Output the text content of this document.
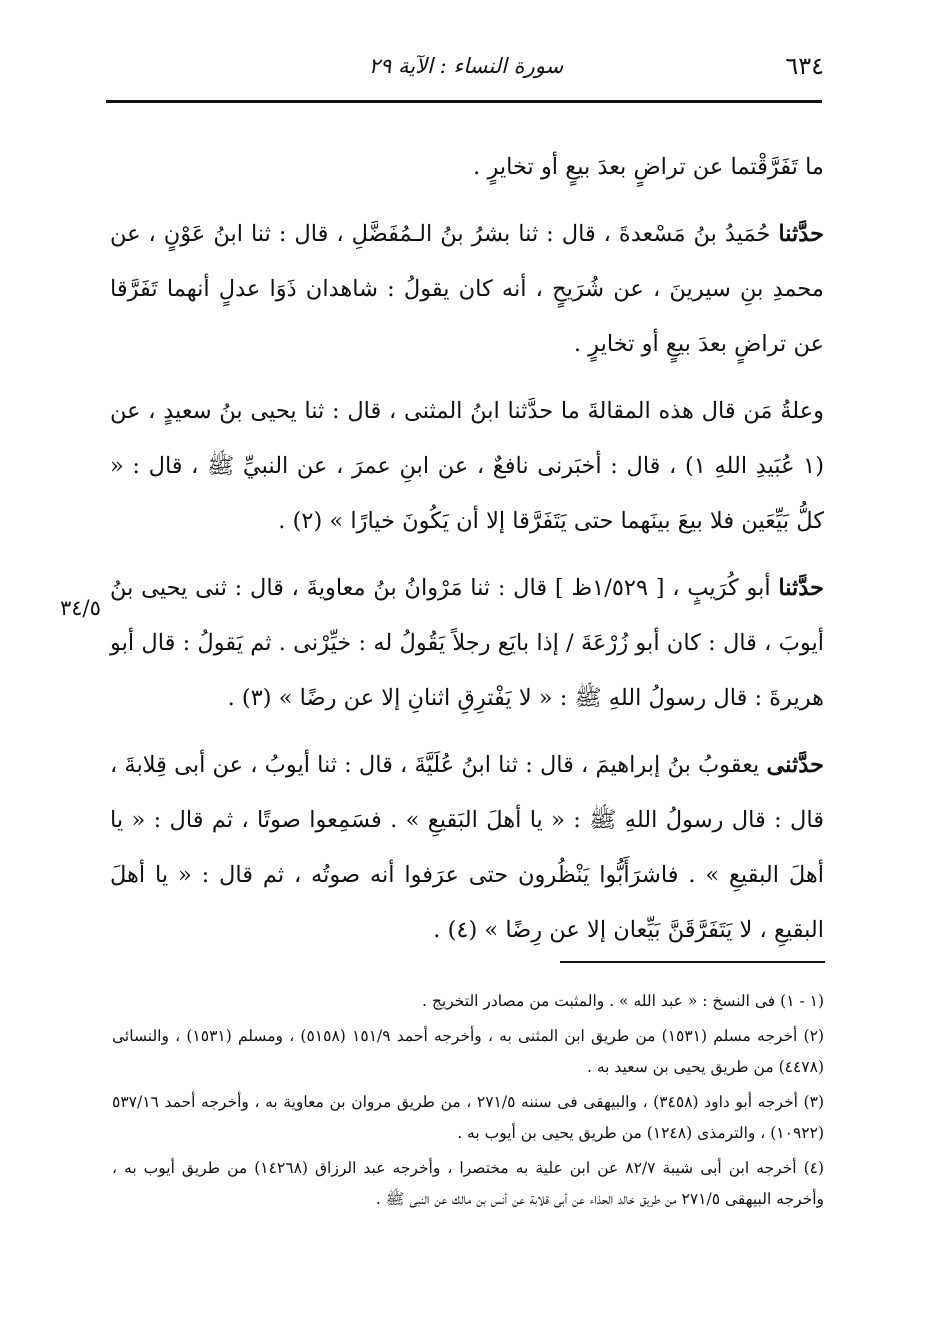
٦٣٤
سورة النساء : الآية ٢٩
٣٤/٥

ما تَفَرَّقْتما عن تراضٍ بعدَ بيعٍ أو تخايرٍ .

حدَّثنا حُمَيدُ بنُ مَسْعدةَ ، قال : ثنا بشرُ بنُ الـمُفَضَّلِ ، قال : ثنا ابنُ عَوْنٍ ، عن محمدِ بنِ سيرينَ ، عن شُرَيحٍ ، أنه كان يقولُ : شاهدان ذَوَا عدلٍ أنهما تَفَرَّقا عن تراضٍ بعدَ بيعٍ أو تخايرٍ .

وعلةُ مَن قال هذه المقالةَ ما حدَّثنا ابنُ المثنى ، قال : ثنا يحيى بنُ سعيدٍ ، عن (١ عُبَيدِ اللهِ ١) ، قال : أخبَرنى نافعٌ ، عن ابنِ عمرَ ، عن النبيِّ ﷺ ، قال : « كلُّ بَيِّعَين فلا بيعَ بينَهما حتى يَتَفَرَّقا إلا أن يَكُونَ خيارًا » (٢) .

حدَّثنا أبو كُرَيبٍ ، [ ١/٥٢٩ظ ] قال : ثنا مَرْوانُ بنُ معاويةَ ، قال : ثنى يحيى بنُ أيوبَ ، قال : كان أبو زُرْعَةَ / إذا بايَع رجلاً يَقُولُ له : خيِّرْنى . ثم يَقولُ : قال أبو هريرةَ : قال رسولُ اللهِ ﷺ : « لا يَفْترِقِ اثنانِ إلا عن رضًا » (٣) .

حدَّثنى يعقوبُ بنُ إبراهيمَ ، قال : ثنا ابنُ عُلَيَّةَ ، قال : ثنا أيوبُ ، عن أبى قِلابةَ ، قال : قال رسولُ اللهِ ﷺ : « يا أهلَ البَقيعِ » . فسَمِعوا صوتًا ، ثم قال : « يا أهلَ البقيعِ » . فاشرَأَبُّوا يَنْظُرون حتى عرَفوا أنه صوتُه ، ثم قال : « يا أهلَ البقيعِ ، لا يَتَفَرَّقَنَّ بَيِّعان إلا عن رِضًا » (٤) .

(١ - ١) فى النسخ : « عبد الله » . والمثبت من مصادر التخريج .

(٢) أخرجه مسلم (١٥٣١) من طريق ابن المثنى به ، وأخرجه أحمد ١٥١/٩ (٥١٥٨) ، ومسلم (١٥٣١) ، والنسائى (٤٤٧٨) من طريق يحيى بن سعيد به .

(٣) أخرجه أبو داود (٣٤٥٨) ، والبيهقى فى سننه ٢٧١/٥ ، من طريق مروان بن معاوية به ، وأخرجه أحمد ٥٣٧/١٦ (١٠٩٢٢) ، والترمذى (١٢٤٨) من طريق يحيى بن أيوب به .

(٤) أخرجه ابن أبى شيبة ٨٢/٧ عن ابن علية به مختصرا ، وأخرجه عبد الرزاق (١٤٢٦٨) من طريق أيوب به ، وأخرجه البيهقى ٢٧١/٥ من طريق خالد الحذاء عن أبى قلابة عن أنس بن مالك عن النبى ﷺ .
